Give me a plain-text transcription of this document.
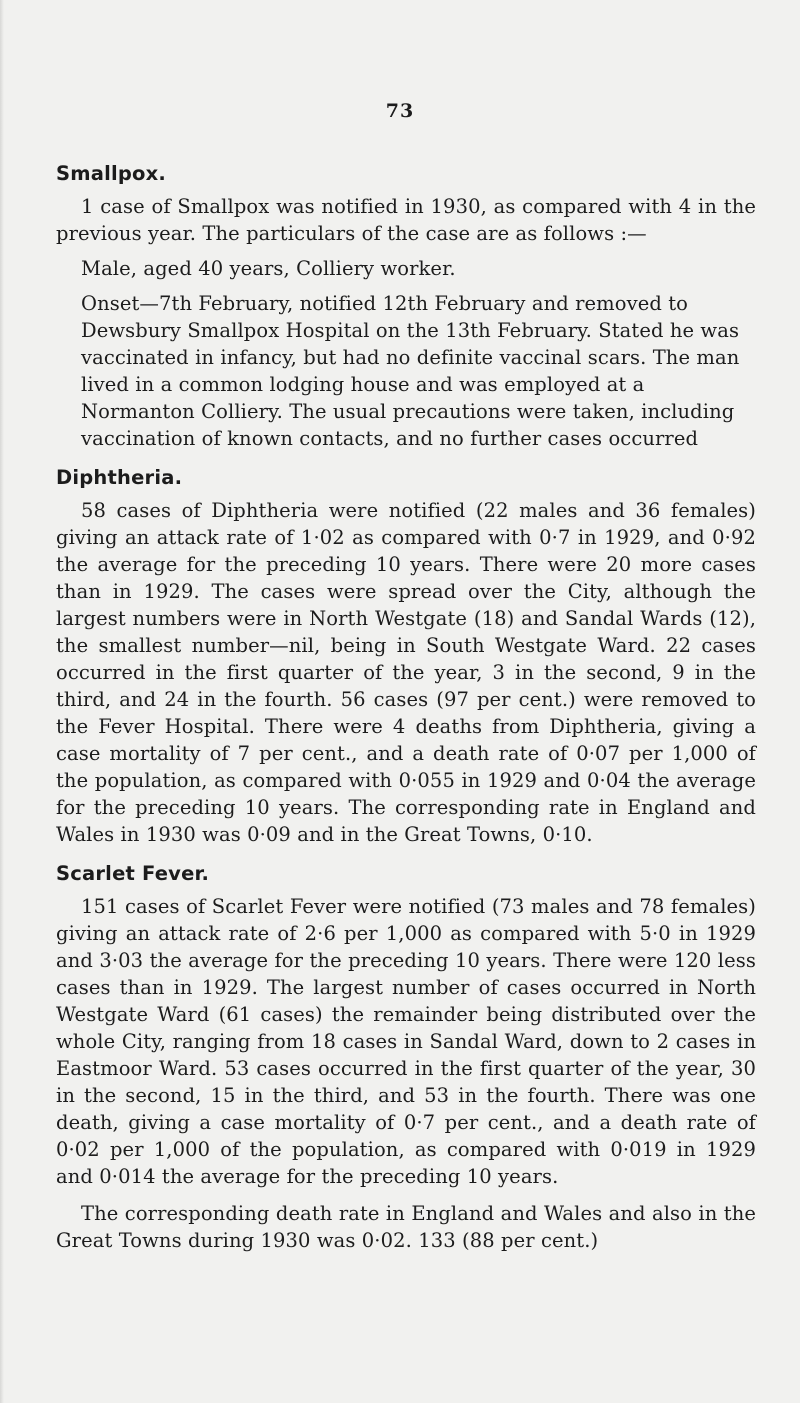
73
Smallpox.

1 case of Smallpox was notified in 1930, as compared with 4 in the previous year. The particulars of the case are as follows :—

Male, aged 40 years, Colliery worker.

Onset—7th February, notified 12th February and removed to Dewsbury Smallpox Hospital on the 13th February. Stated he was vaccinated in infancy, but had no definite vaccinal scars. The man lived in a common lodging house and was employed at a Normanton Colliery. The usual precautions were taken, including vaccination of known contacts, and no further cases occurred

Diphtheria.

58 cases of Diphtheria were notified (22 males and 36 females) giving an attack rate of 1·02 as compared with 0·7 in 1929, and 0·92 the average for the preceding 10 years. There were 20 more cases than in 1929. The cases were spread over the City, although the largest numbers were in North Westgate (18) and Sandal Wards (12), the smallest number—nil, being in South Westgate Ward. 22 cases occurred in the first quarter of the year, 3 in the second, 9 in the third, and 24 in the fourth. 56 cases (97 per cent.) were removed to the Fever Hospital. There were 4 deaths from Diphtheria, giving a case mortality of 7 per cent., and a death rate of 0·07 per 1,000 of the population, as compared with 0·055 in 1929 and 0·04 the average for the preceding 10 years. The corresponding rate in England and Wales in 1930 was 0·09 and in the Great Towns, 0·10.

Scarlet Fever.

151 cases of Scarlet Fever were notified (73 males and 78 females) giving an attack rate of 2·6 per 1,000 as compared with 5·0 in 1929 and 3·03 the average for the preceding 10 years. There were 120 less cases than in 1929. The largest number of cases occurred in North Westgate Ward (61 cases) the remainder being distributed over the whole City, ranging from 18 cases in Sandal Ward, down to 2 cases in Eastmoor Ward. 53 cases occurred in the first quarter of the year, 30 in the second, 15 in the third, and 53 in the fourth. There was one death, giving a case mortality of 0·7 per cent., and a death rate of 0·02 per 1,000 of the population, as compared with 0·019 in 1929 and 0·014 the average for the preceding 10 years.

The corresponding death rate in England and Wales and also in the Great Towns during 1930 was 0·02. 133 (88 per cent.)
